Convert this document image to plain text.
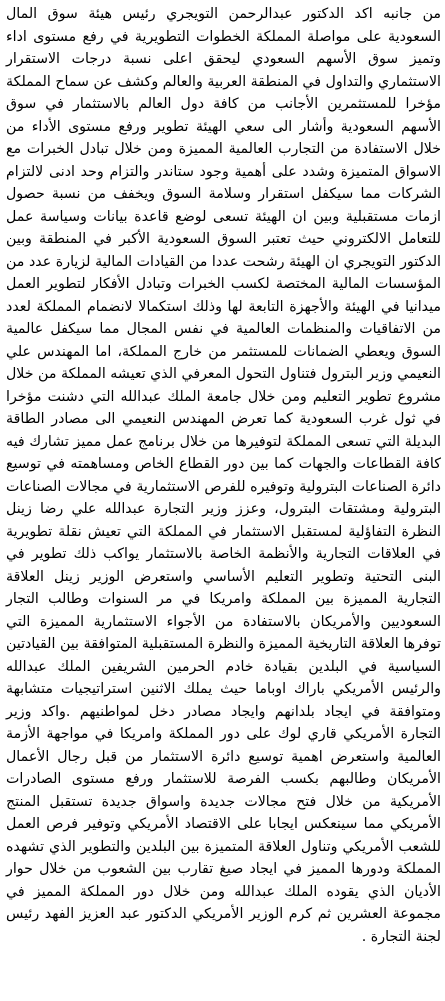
من جانبه اكد الدكتور عبدالرحمن التويجري رئيس هيئة سوق المال السعودية على مواصلة المملكة الخطوات التطويرية في رفع مستوى اداء وتميز سوق الأسهم السعودي ليحقق اعلى نسبة درجات الاستقرار الاستثماري والتداول في المنطقة العربية والعالم وكشف عن سماح المملكة مؤخرا للمستثمرين الأجانب من كافة دول العالم بالاستثمار في سوق الأسهم السعودية وأشار الى سعي الهيئة تطوير ورفع مستوى الأداء من خلال الاستفادة من التجارب العالمية المميزة ومن خلال تبادل الخبرات مع الاسواق المتميزة وشدد على أهمية وجود ستاندر والتزام وحد ادنى لالتزام الشركات مما سيكفل استقرار وسلامة السوق ويخفف من نسبة حصول ازمات مستقبلية وبين ان الهيئة تسعى لوضع قاعدة بيانات وسياسة عمل للتعامل الالكتروني حيث تعتبر السوق السعودية الأكبر في المنطقة وبين الدكتور التويجري ان الهيئة رشحت عددا من القيادات المالية لزيارة عدد من المؤسسات المالية المختصة لكسب الخبرات وتبادل الأفكار لتطوير العمل ميدانيا في الهيئة والأجهزة التابعة لها وذلك استكمالا لانضمام المملكة لعدد من الاتفاقيات والمنظمات العالمية في نفس المجال مما سيكفل عالمية السوق ويعطي الضمانات للمستثمر من خارج المملكة، اما المهندس علي النعيمي وزير البترول فتناول التحول المعرفي الذي تعيشه المملكة من خلال مشروع تطوير التعليم ومن خلال جامعة الملك عبدالله التي دشنت مؤخرا في ثول غرب السعودية كما تعرض المهندس النعيمي الى مصادر الطاقة البديلة التي تسعى المملكة لتوفيرها من خلال برنامج عمل مميز تشارك فيه كافة القطاعات والجهات كما بين دور القطاع الخاص ومساهمته في توسيع دائرة الصناعات البترولية وتوفيره للفرص الاستثمارية في مجالات الصناعات البترولية ومشتقات البترول، وعزز وزير التجارة عبدالله علي رضا زينل النظرة التفاؤلية لمستقبل الاستثمار في المملكة التي تعيش نقلة تطويرية في العلاقات التجارية والأنظمة الخاصة بالاستثمار يواكب ذلك تطوير في البنى التحتية وتطوير التعليم الأساسي واستعرض الوزير زينل العلاقة التجارية المميزة بين المملكة وامريكا في مر السنوات وطالب التجار السعوديين والأمريكان بالاستفادة من الأجواء الاستثمارية المميزة التي توفرها العلاقة التاريخية المميزة والنظرة المستقبلية المتوافقة بين القيادتين السياسية في البلدين بقيادة خادم الحرمين الشريفين الملك عبدالله والرئيس الأمريكي باراك اوباما حيث يملك الاثنين استراتيجيات متشابهة ومتوافقة في ايجاد بلدانهم وايجاد مصادر دخل لمواطنيهم .واكد وزير التجارة الأمريكي قاري لوك على دور المملكة وامريكا في مواجهة الأزمة العالمية واستعرض اهمية توسيع دائرة الاستثمار من قبل رجال الأعمال الأمريكان وطالبهم بكسب الفرصة للاستثمار ورفع مستوى الصادرات الأمريكية من خلال فتح مجالات جديدة واسواق جديدة تستقبل المنتج الأمريكي مما سينعكس ايجابا على الاقتصاد الأمريكي وتوفير فرص العمل للشعب الأمريكي وتناول العلاقة المتميزة بين البلدين والتطوير الذي تشهده المملكة ودورها المميز في ايجاد صيغ تقارب بين الشعوب من خلال حوار الأديان الذي يقوده الملك عبدالله ومن خلال دور المملكة المميز في مجموعة العشرين ثم كرم الوزير الأمريكي الدكتور عبد العزيز الفهد رئيس لجنة التجارة .
